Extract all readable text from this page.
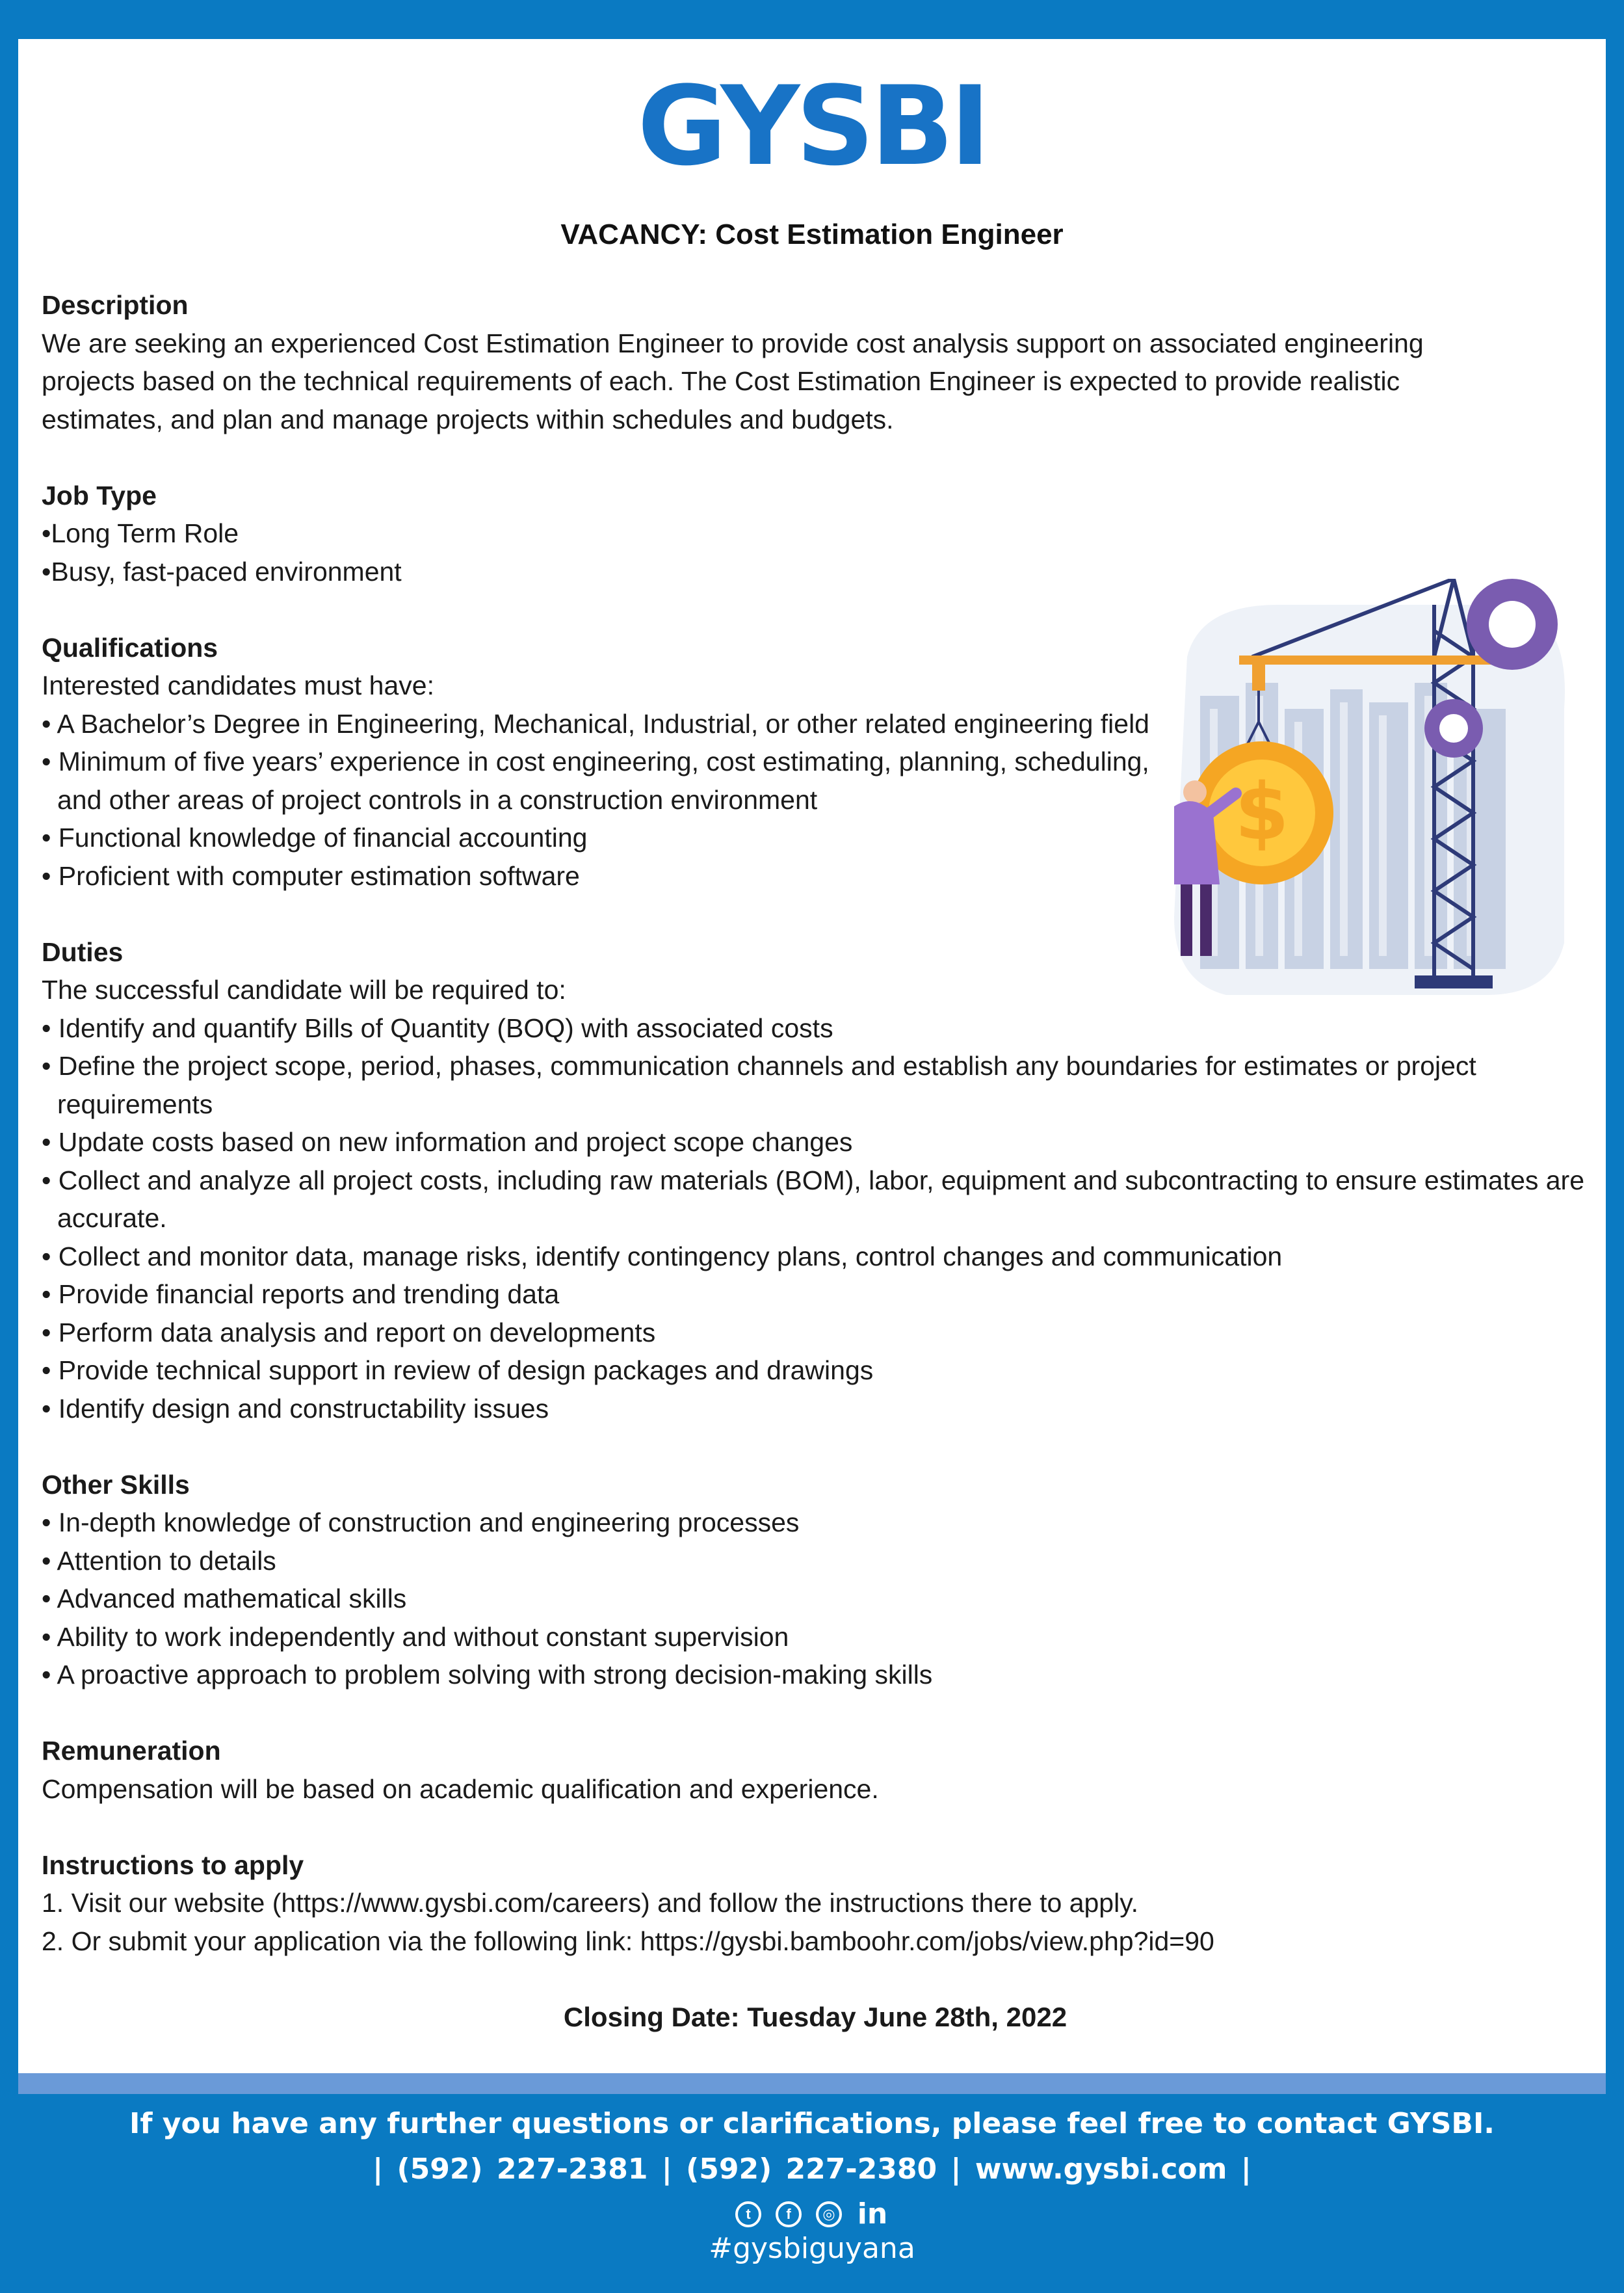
GYSBI
VACANCY: Cost Estimation Engineer
Description
We are seeking an experienced Cost Estimation Engineer to provide cost analysis support on associated engineering
projects based on the technical requirements of each. The Cost Estimation Engineer is expected to provide realistic
estimates, and plan and manage projects within schedules and budgets.
Job Type
•Long Term Role
•Busy, fast-paced environment
Qualifications
Interested candidates must have:
• A Bachelor’s Degree in Engineering, Mechanical, Industrial, or other related engineering field
• Minimum of five years’ experience in cost engineering, cost estimating, planning, scheduling, and other areas of project controls in a construction environment
• Functional knowledge of financial accounting
• Proficient with computer estimation software
Duties
The successful candidate will be required to:
• Identify and quantify Bills of Quantity (BOQ) with associated costs
• Define the project scope, period, phases, communication channels and establish any boundaries for estimates or project requirements
• Update costs based on new information and project scope changes
• Collect and analyze all project costs, including raw materials (BOM), labor, equipment and subcontracting to ensure estimates are accurate.
• Collect and monitor data, manage risks, identify contingency plans, control changes and communication
• Provide financial reports and trending data
• Perform data analysis and report on developments
• Provide technical support in review of design packages and drawings
• Identify design and constructability issues
Other Skills
• In-depth knowledge of construction and engineering processes
• Attention to details
• Advanced mathematical skills
• Ability to work independently and without constant supervision
• A proactive approach to problem solving with strong decision-making skills
Remuneration
Compensation will be based on academic qualification and experience.
Instructions to apply
1. Visit our website (https://www.gysbi.com/careers) and follow the instructions there to apply.
2. Or submit your application via the following link: https://gysbi.bamboohr.com/jobs/view.php?id=90
Closing Date: Tuesday June 28th, 2022
$
If you have any further questions or clarifications, please feel free to contact GYSBI.
| (592) 227-2381 | (592) 227-2380 | www.gysbi.com |
t	f	◎ in
#gysbiguyana
